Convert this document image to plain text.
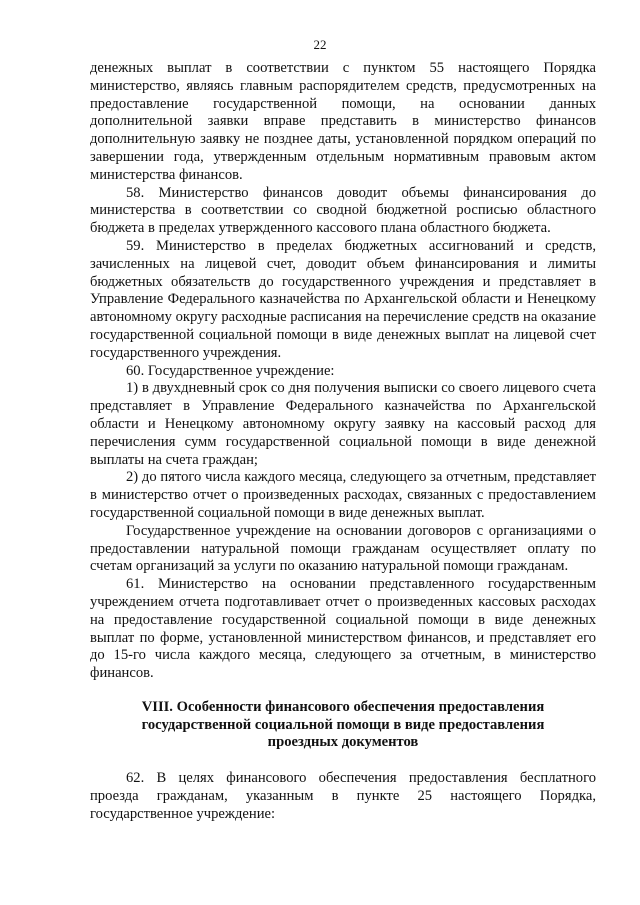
22

денежных выплат в соответствии с пунктом 55 настоящего Порядка министерство, являясь главным распорядителем средств, предусмотренных на предоставление государственной помощи, на основании данных дополнительной заявки вправе представить в министерство финансов дополнительную заявку не позднее даты, установленной порядком операций по завершении года, утвержденным отдельным нормативным правовым актом министерства финансов.

58. Министерство финансов доводит объемы финансирования до министерства в соответствии со сводной бюджетной росписью областного бюджета в пределах утвержденного кассового плана областного бюджета.

59. Министерство в пределах бюджетных ассигнований и средств, зачисленных на лицевой счет, доводит объем финансирования и лимиты бюджетных обязательств до государственного учреждения и представляет в Управление Федерального казначейства по Архангельской области и Ненецкому автономному округу расходные расписания на перечисление средств на оказание государственной социальной помощи в виде денежных выплат на лицевой счет государственного учреждения.

60. Государственное учреждение:

1) в двухдневный срок со дня получения выписки со своего лицевого счета представляет в Управление Федерального казначейства по Архангельской области и Ненецкому автономному округу заявку на кассовый расход для перечисления сумм государственной социальной помощи в виде денежной выплаты на счета граждан;

2) до пятого числа каждого месяца, следующего за отчетным, представляет в министерство отчет о произведенных расходах, связанных с предоставлением государственной социальной помощи в виде денежных выплат.

Государственное учреждение на основании договоров с организациями о предоставлении натуральной помощи гражданам осуществляет оплату по счетам организаций за услуги по оказанию натуральной помощи гражданам.

61. Министерство на основании представленного государственным учреждением отчета подготавливает отчет о произведенных кассовых расходах на предоставление государственной социальной помощи в виде денежных выплат по форме, установленной министерством финансов, и представляет его до 15-го числа каждого месяца, следующего за отчетным, в министерство финансов.

VIII. Особенности финансового обеспечения предоставления
государственной социальной помощи в виде предоставления
проездных документов

62. В целях финансового обеспечения предоставления бесплатного проезда гражданам, указанным в пункте 25 настоящего Порядка, государственное учреждение:
